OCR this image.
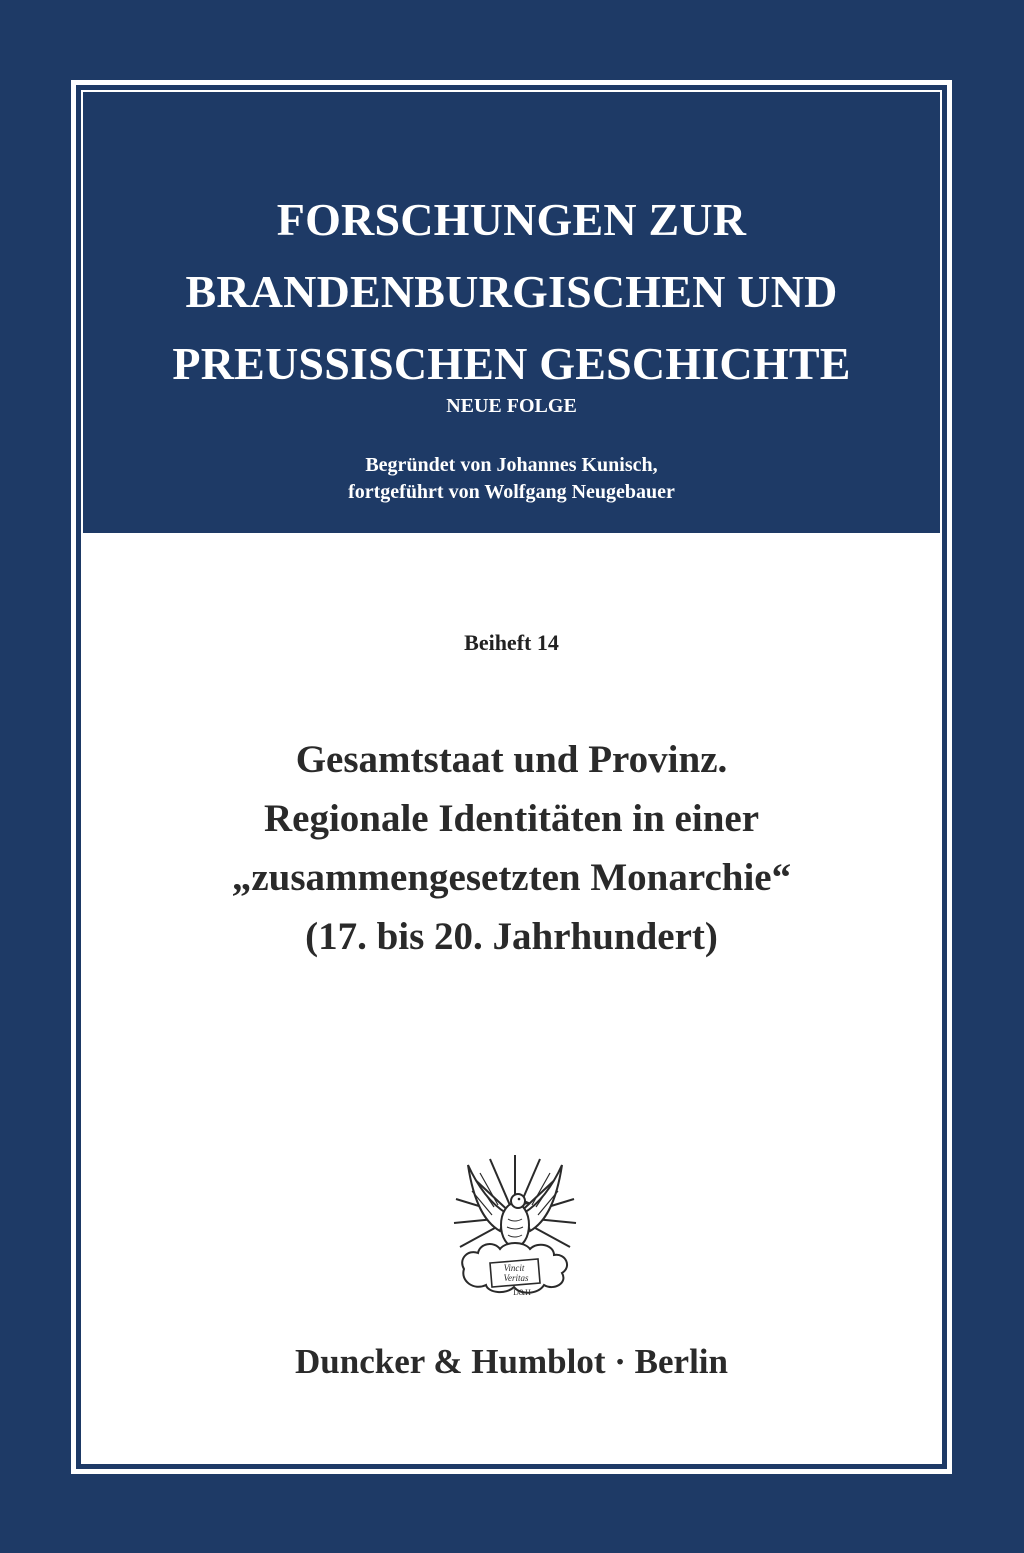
FORSCHUNGEN ZUR
BRANDENBURGISCHEN UND
PREUSSISCHEN GESCHICHTE
NEUE FOLGE
Begründet von Johannes Kunisch,
fortgeführt von Wolfgang Neugebauer
Beiheft 14
Gesamtstaat und Provinz.
Regionale Identitäten in einer
„zusammengesetzten Monarchie“
(17. bis 20. Jahrhundert)
Vincit
Veritas
D&H
Duncker & Humblot · Berlin
